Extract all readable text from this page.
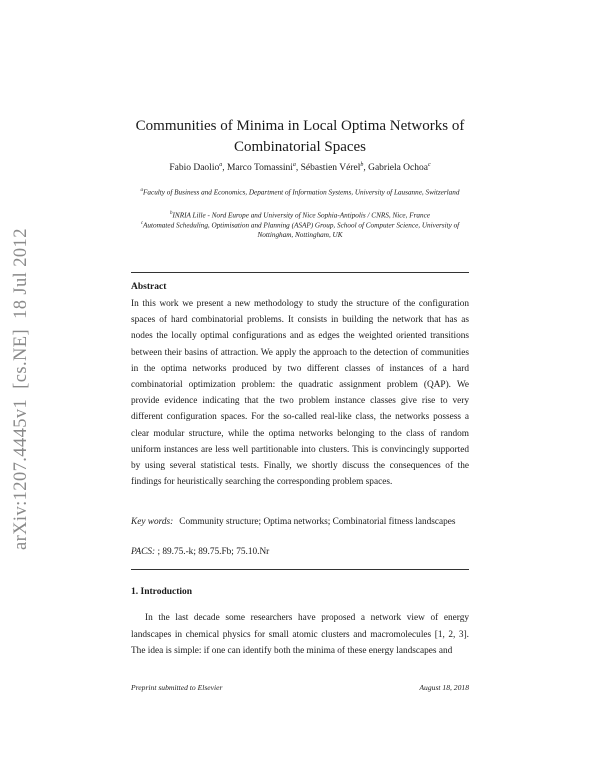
arXiv:1207.4445v1  [cs.NE]  18 Jul 2012
Communities of Minima in Local Optima Networks of
Combinatorial Spaces
Fabio Daolio$^a$, Marco Tomassini$^a$, Sébastien Vérel$^b$, Gabriela Ochoa$^c$
$^a$Faculty of Business and Economics, Department of Information Systems, University of Lausanne, Switzerland
$^b$INRIA Lille - Nord Europe and University of Nice Sophia-Antipolis / CNRS, Nice, France
$^c$Automated Scheduling, Optimisation and Planning (ASAP) Group, School of Computer Science, University of Nottingham, Nottingham, UK
Abstract
In this work we present a new methodology to study the structure of the configuration spaces of hard combinatorial problems. It consists in building the network that has as nodes the locally optimal configurations and as edges the weighted oriented transitions between their basins of attraction. We apply the approach to the detection of communities in the optima networks produced by two different classes of instances of a hard combinatorial optimization problem: the quadratic assignment problem (QAP). We provide evidence indicating that the two problem instance classes give rise to very different configuration spaces. For the so-called real-like class, the networks possess a clear modular structure, while the optima networks belonging to the class of random uniform instances are less well partitionable into clusters. This is convincingly supported by using several statistical tests. Finally, we shortly discuss the consequences of the findings for heuristically searching the corresponding problem spaces.
Key words: Community structure; Optima networks; Combinatorial fitness landscapes
PACS: ; 89.75.-k; 89.75.Fb; 75.10.Nr
1. Introduction
In the last decade some researchers have proposed a network view of energy landscapes in chemical physics for small atomic clusters and macromolecules [1, 2, 3]. The idea is simple: if one can identify both the minima of these energy landscapes and
Preprint submitted to Elsevier	August 18, 2018
